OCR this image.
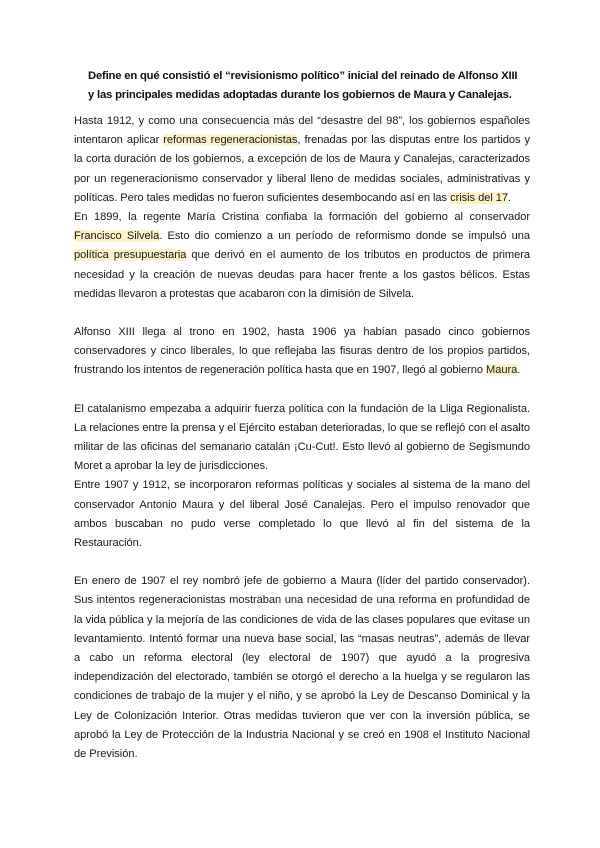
Define en qué consistió el “revisionismo político” inicial del reinado de Alfonso XIII
y las principales medidas adoptadas durante los gobiernos de Maura y Canalejas.

Hasta 1912, y como una consecuencia más del “desastre del 98”, los gobiernos españoles intentaron aplicar reformas regeneracionistas, frenadas por las disputas entre los partidos y la corta duración de los gobiernos, a excepción de los de Maura y Canalejas, caracterizados por un regeneracionismo conservador y liberal lleno de medidas sociales, administrativas y políticas. Pero tales medidas no fueron suficientes desembocando así en las crisis del 17.

En 1899, la regente María Cristina confiaba la formación del gobierno al conservador Francisco Silvela. Esto dio comienzo a un período de reformismo donde se impulsó una política presupuestaria que derivó en el aumento de los tributos en productos de primera necesidad y la creación de nuevas deudas para hacer frente a los gastos bélicos. Estas medidas llevaron a protestas que acabaron con la dimisión de Silvela.

Alfonso XIII llega al trono en 1902, hasta 1906 ya habían pasado cinco gobiernos conservadores y cinco liberales, lo que reflejaba las fisuras dentro de los propios partidos, frustrando los intentos de regeneración política hasta que en 1907, llegó al gobierno Maura.

El catalanismo empezaba a adquirir fuerza política con la fundación de la Lliga Regionalista. La relaciones entre la prensa y el Ejército estaban deterioradas, lo que se reflejó con el asalto militar de las oficinas del semanario catalán ¡Cu-Cut!. Esto llevó al gobierno de Segismundo Moret a aprobar la ley de jurisdicciones.

Entre 1907 y 1912, se incorporaron reformas políticas y sociales al sistema de la mano del conservador Antonio Maura y del liberal José Canalejas. Pero el impulso renovador que ambos buscaban no pudo verse completado lo que llevó al fin del sistema de la Restauración.

En enero de 1907 el rey nombró jefe de gobierno a Maura (líder del partido conservador). Sus intentos regeneracionistas mostraban una necesidad de una reforma en profundidad de la vida pública y la mejoría de las condiciones de vida de las clases populares que evitase un levantamiento. Intentó formar una nueva base social, las “masas neutras”, además de llevar a cabo un reforma electoral (ley electoral de 1907) que ayudó a la progresiva independización del electorado, también se otorgó el derecho a la huelga y se regularon las condiciones de trabajo de la mujer y el niño, y se aprobó la Ley de Descanso Dominical y la Ley de Colonización Interior. Otras medidas tuvieron que ver con la inversión pública, se aprobó la Ley de Protección de la Industria Nacional y se creó en 1908 el Instituto Nacional de Previsión.
